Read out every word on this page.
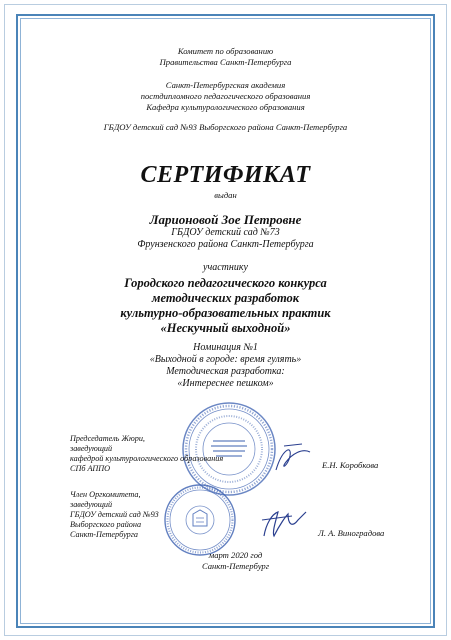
Комитет по образованию
Правительства Санкт-Петербурга
Санкт-Петербургская академия
постдипломного педагогического образования
Кафедра культурологического образования
ГБДОУ детский сад №93 Выборгского района Санкт-Петербурга
СЕРТИФИКАТ
выдан
Ларионовой Зое Петровне
ГБДОУ детский сад №73
Фрунзенского района Санкт-Петербурга
участнику
Городского педагогического конкурса
методических разработок
культурно-образовательных практик
«Нескучный выходной»
Номинация №1
«Выходной в городе: время гулять»
Методическая разработка:
«Интереснее пешком»
Председатель Жюри,
заведующий
кафедрой культурологического образования
СПб АППО	Е.Н. Коробкова
Член Оргкомитета,
заведующий
ГБДОУ детский сад №93
Выборгского района
Санкт-Петербурга	Л. А. Виноградова
март 2020 год
Санкт-Петербург
